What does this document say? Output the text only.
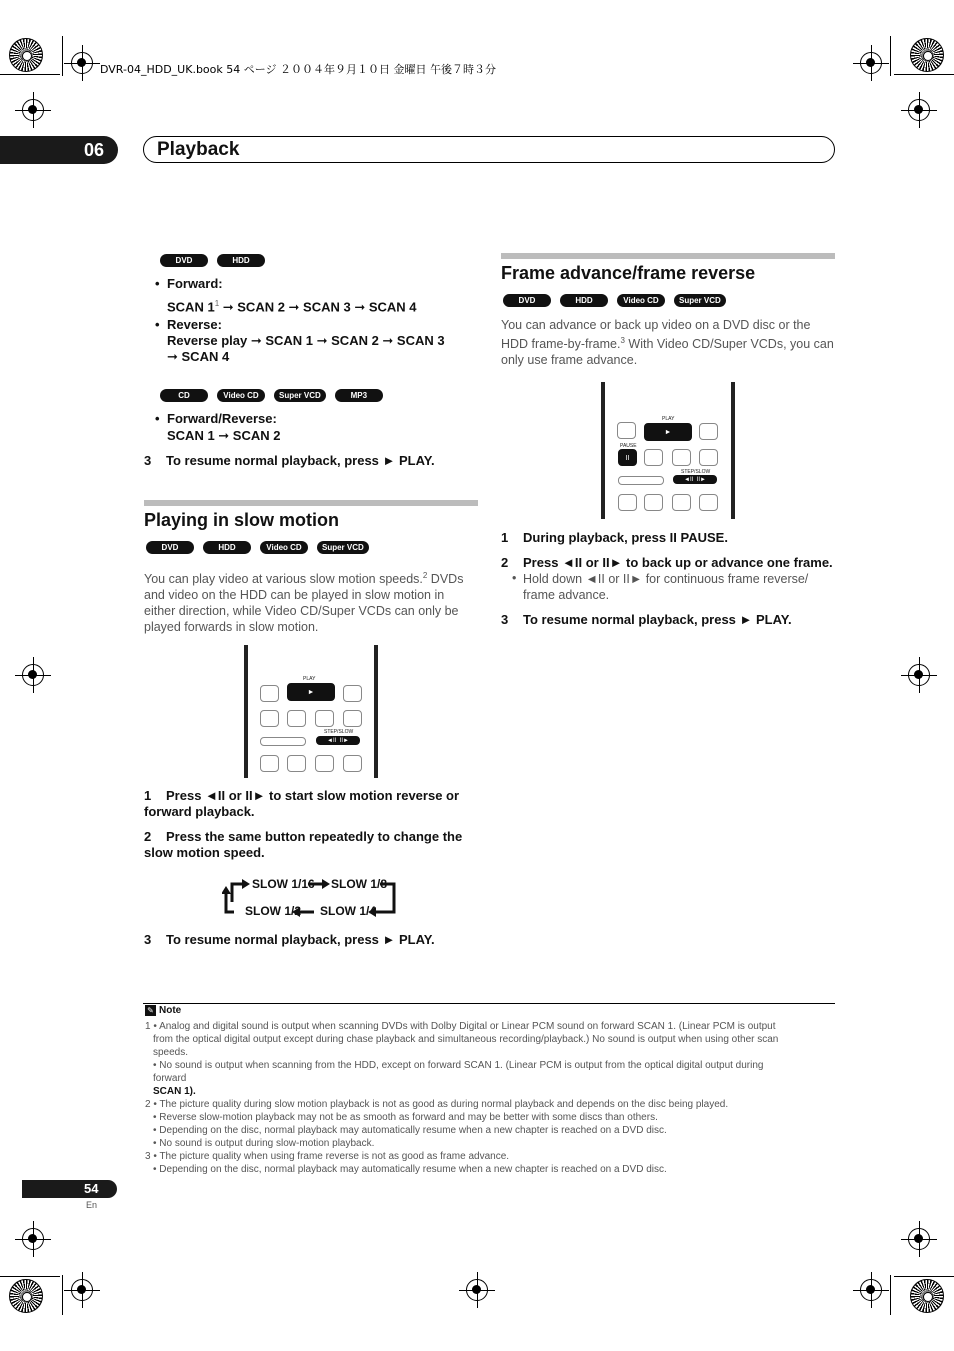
DVR-04_HDD_UK.book 54 ページ ２００４年９月１０日 金曜日 午後７時３分
06	Playback
DVD	HDD
• Forward:
SCAN $1^1$ ➞ SCAN 2 ➞ SCAN 3 ➞ SCAN 4
• Reverse:
Reverse play ➞ SCAN 1 ➞ SCAN 2 ➞ SCAN 3
➞ SCAN 4
CD	Video CD	Super VCD	MP3
• Forward/Reverse:
SCAN 1 ➞ SCAN 2
3 To resume normal playback, press ► PLAY.
Playing in slow motion
DVD	HDD	Video CD	Super VCD
You can play video at various slow motion speeds.$^2$ DVDs and video on the HDD can be played in slow motion in either direction, while Video CD/Super VCDs can only be played forwards in slow motion.
PLAY
►
STEP/SLOW
◄II  II►
1 Press ◄II or II► to start slow motion reverse or forward playback.
2 Press the same button repeatedly to change the slow motion speed.
SLOW 1/16 SLOW 1/8
SLOW 1/2 SLOW 1/4
3 To resume normal playback, press ► PLAY.
Frame advance/frame reverse
DVD	HDD	Video CD	Super VCD
You can advance or back up video on a DVD disc or the HDD frame-by-frame.$^3$ With Video CD/Super VCDs, you can only use frame advance.
PLAY
►
PAUSE
II
STEP/SLOW
◄II  II►
1 During playback, press II PAUSE.
2 Press ◄II or II► to back up or advance one frame.
• Hold down ◄II or II► for continuous frame reverse/ frame advance.
3 To resume normal playback, press ► PLAY.
✎ Note
1 • Analog and digital sound is output when scanning DVDs with Dolby Digital or Linear PCM sound on forward SCAN 1. (Linear PCM is output
from the optical digital output except during chase playback and simultaneous recording/playback.) No sound is output when using other scan
speeds.
• No sound is output when scanning from the HDD, except on forward SCAN 1. (Linear PCM is output from the optical digital output during
forward
SCAN 1).
2 • The picture quality during slow motion playback is not as good as during normal playback and depends on the disc being played.
• Reverse slow-motion playback may not be as smooth as forward and may be better with some discs than others.
• Depending on the disc, normal playback may automatically resume when a new chapter is reached on a DVD disc.
• No sound is output during slow-motion playback.
3 • The picture quality when using frame reverse is not as good as frame advance.
• Depending on the disc, normal playback may automatically resume when a new chapter is reached on a DVD disc.
54
En
